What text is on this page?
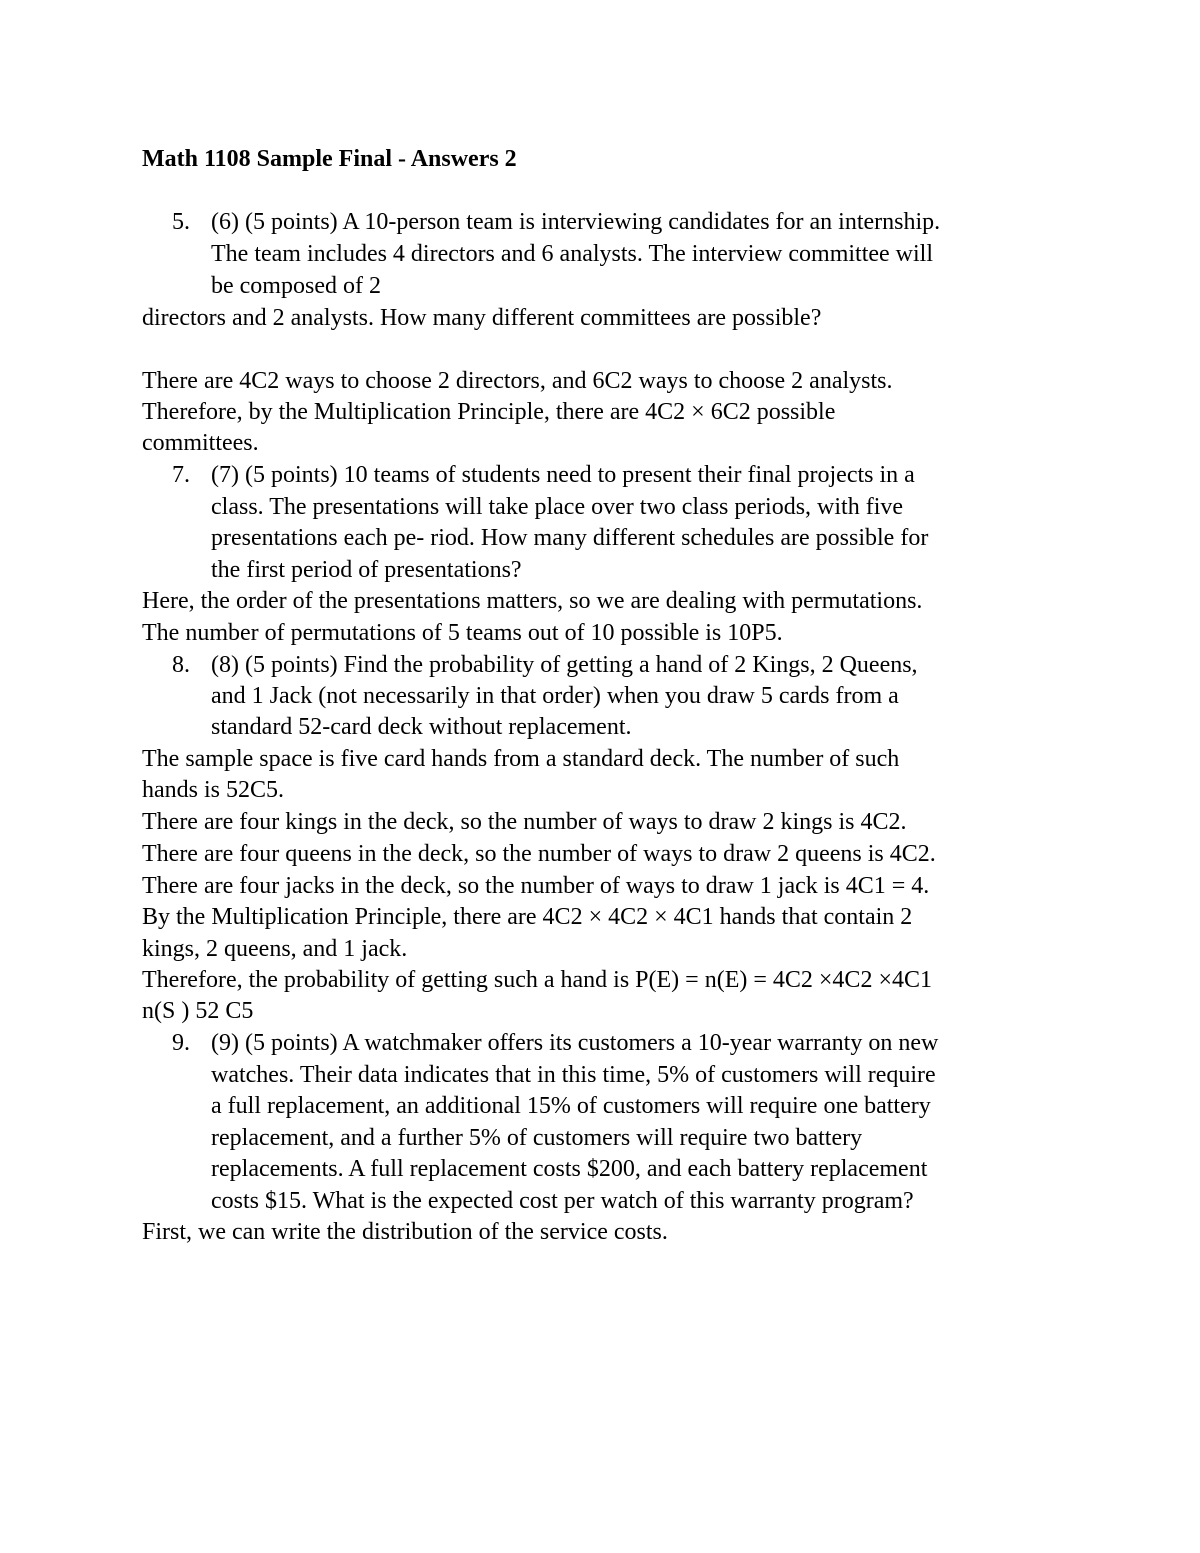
Math 1108 Sample Final - Answers 2
5. (6) (5 points) A 10-person team is interviewing candidates for an internship.
The team includes 4 directors and 6 analysts. The interview committee will
be composed of 2
directors and 2 analysts. How many different committees are possible?
There are 4C2 ways to choose 2 directors, and 6C2 ways to choose 2 analysts.
Therefore, by the Multiplication Principle, there are 4C2 × 6C2 possible
committees.
7. (7) (5 points) 10 teams of students need to present their final projects in a
class. The presentations will take place over two class periods, with five
presentations each pe- riod. How many different schedules are possible for
the first period of presentations?
Here, the order of the presentations matters, so we are dealing with permutations.
The number of permutations of 5 teams out of 10 possible is 10P5.
8. (8) (5 points) Find the probability of getting a hand of 2 Kings, 2 Queens,
and 1 Jack (not necessarily in that order) when you draw 5 cards from a
standard 52-card deck without replacement.
The sample space is five card hands from a standard deck. The number of such
hands is 52C5.
There are four kings in the deck, so the number of ways to draw 2 kings is 4C2.
There are four queens in the deck, so the number of ways to draw 2 queens is 4C2.
There are four jacks in the deck, so the number of ways to draw 1 jack is 4C1 = 4.
By the Multiplication Principle, there are 4C2 × 4C2 × 4C1 hands that contain 2
kings, 2 queens, and 1 jack.
Therefore, the probability of getting such a hand is P(E) = n(E) = 4C2 ×4C2 ×4C1
n(S ) 52 C5
9. (9) (5 points) A watchmaker offers its customers a 10-year warranty on new
watches. Their data indicates that in this time, 5% of customers will require
a full replacement, an additional 15% of customers will require one battery
replacement, and a further 5% of customers will require two battery
replacements. A full replacement costs $200, and each battery replacement
costs $15. What is the expected cost per watch of this warranty program?
First, we can write the distribution of the service costs.
